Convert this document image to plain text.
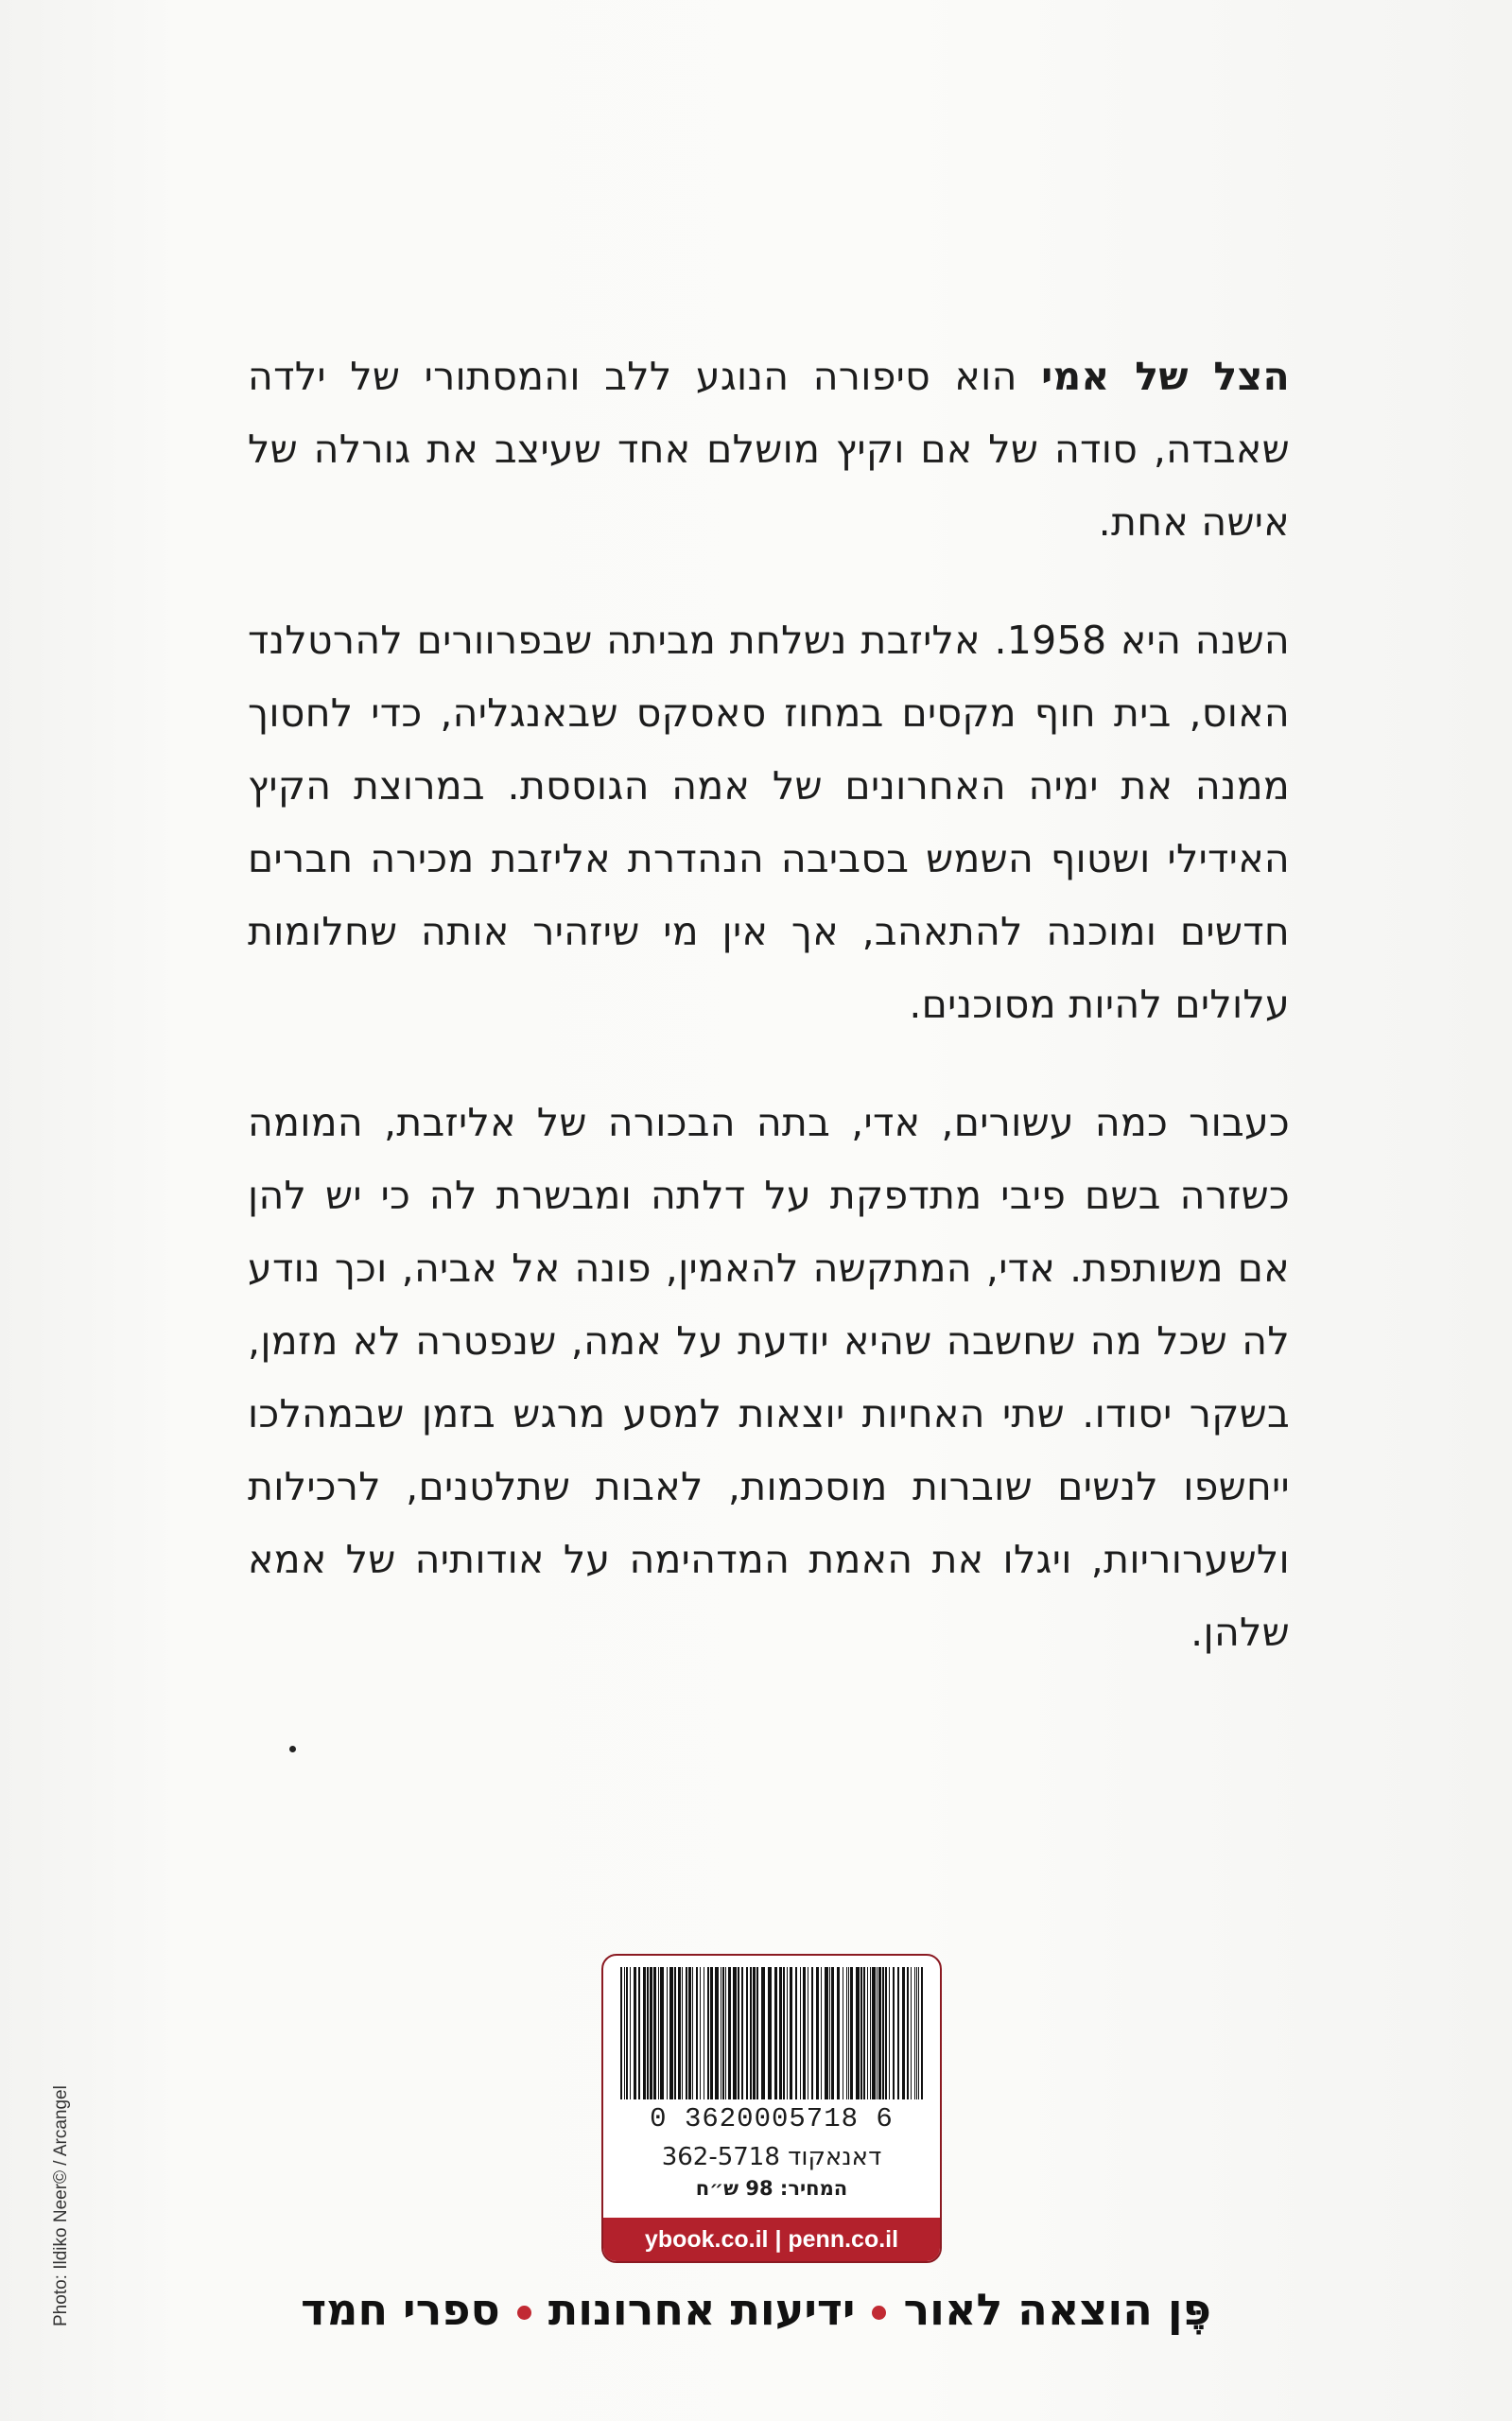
הצל של אמי הוא סיפורה הנוגע ללב והמסתורי של ילדה שאבדה, סודה של אם וקיץ מושלם אחד שעיצב את גורלה של אישה אחת.

השנה היא 1958. אליזבת נשלחת מביתה שבפרוורים להרטלנד האוס, בית חוף מקסים במחוז סאסקס שבאנגליה, כדי לחסוך ממנה את ימיה האחרונים של אמה הגוססת. במרוצת הקיץ האידילי ושטוף השמש בסביבה הנהדרת אליזבת מכירה חברים חדשים ומוכנה להתאהב, אך אין מי שיזהיר אותה שחלומות עלולים להיות מסוכנים.

כעבור כמה עשורים, אדי, בתה הבכורה של אליזבת, המומה כשזרה בשם פיבי מתדפקת על דלתה ומבשרת לה כי יש להן אם משותפת. אדי, המתקשה להאמין, פונה אל אביה, וכך נודע לה שכל מה שחשבה שהיא יודעת על אמה, שנפטרה לא מזמן, בשקר יסודו. שתי האחיות יוצאות למסע מרגש בזמן שבמהלכו ייחשפו לנשים שוברות מוסכמות, לאבות שתלטנים, לרכילות ולשערוריות, ויגלו את האמת המדהימה על אודותיה של אמא שלהן.

Photo: Ildiko Neer© / Arcangel	0 3620005718 6
דאנאקוד 362-5718
המחיר: 98 ש״ח
ybook.co.il | penn.co.il
פֶּן הוצאה לאורידיעות אחרונותספרי חמד
